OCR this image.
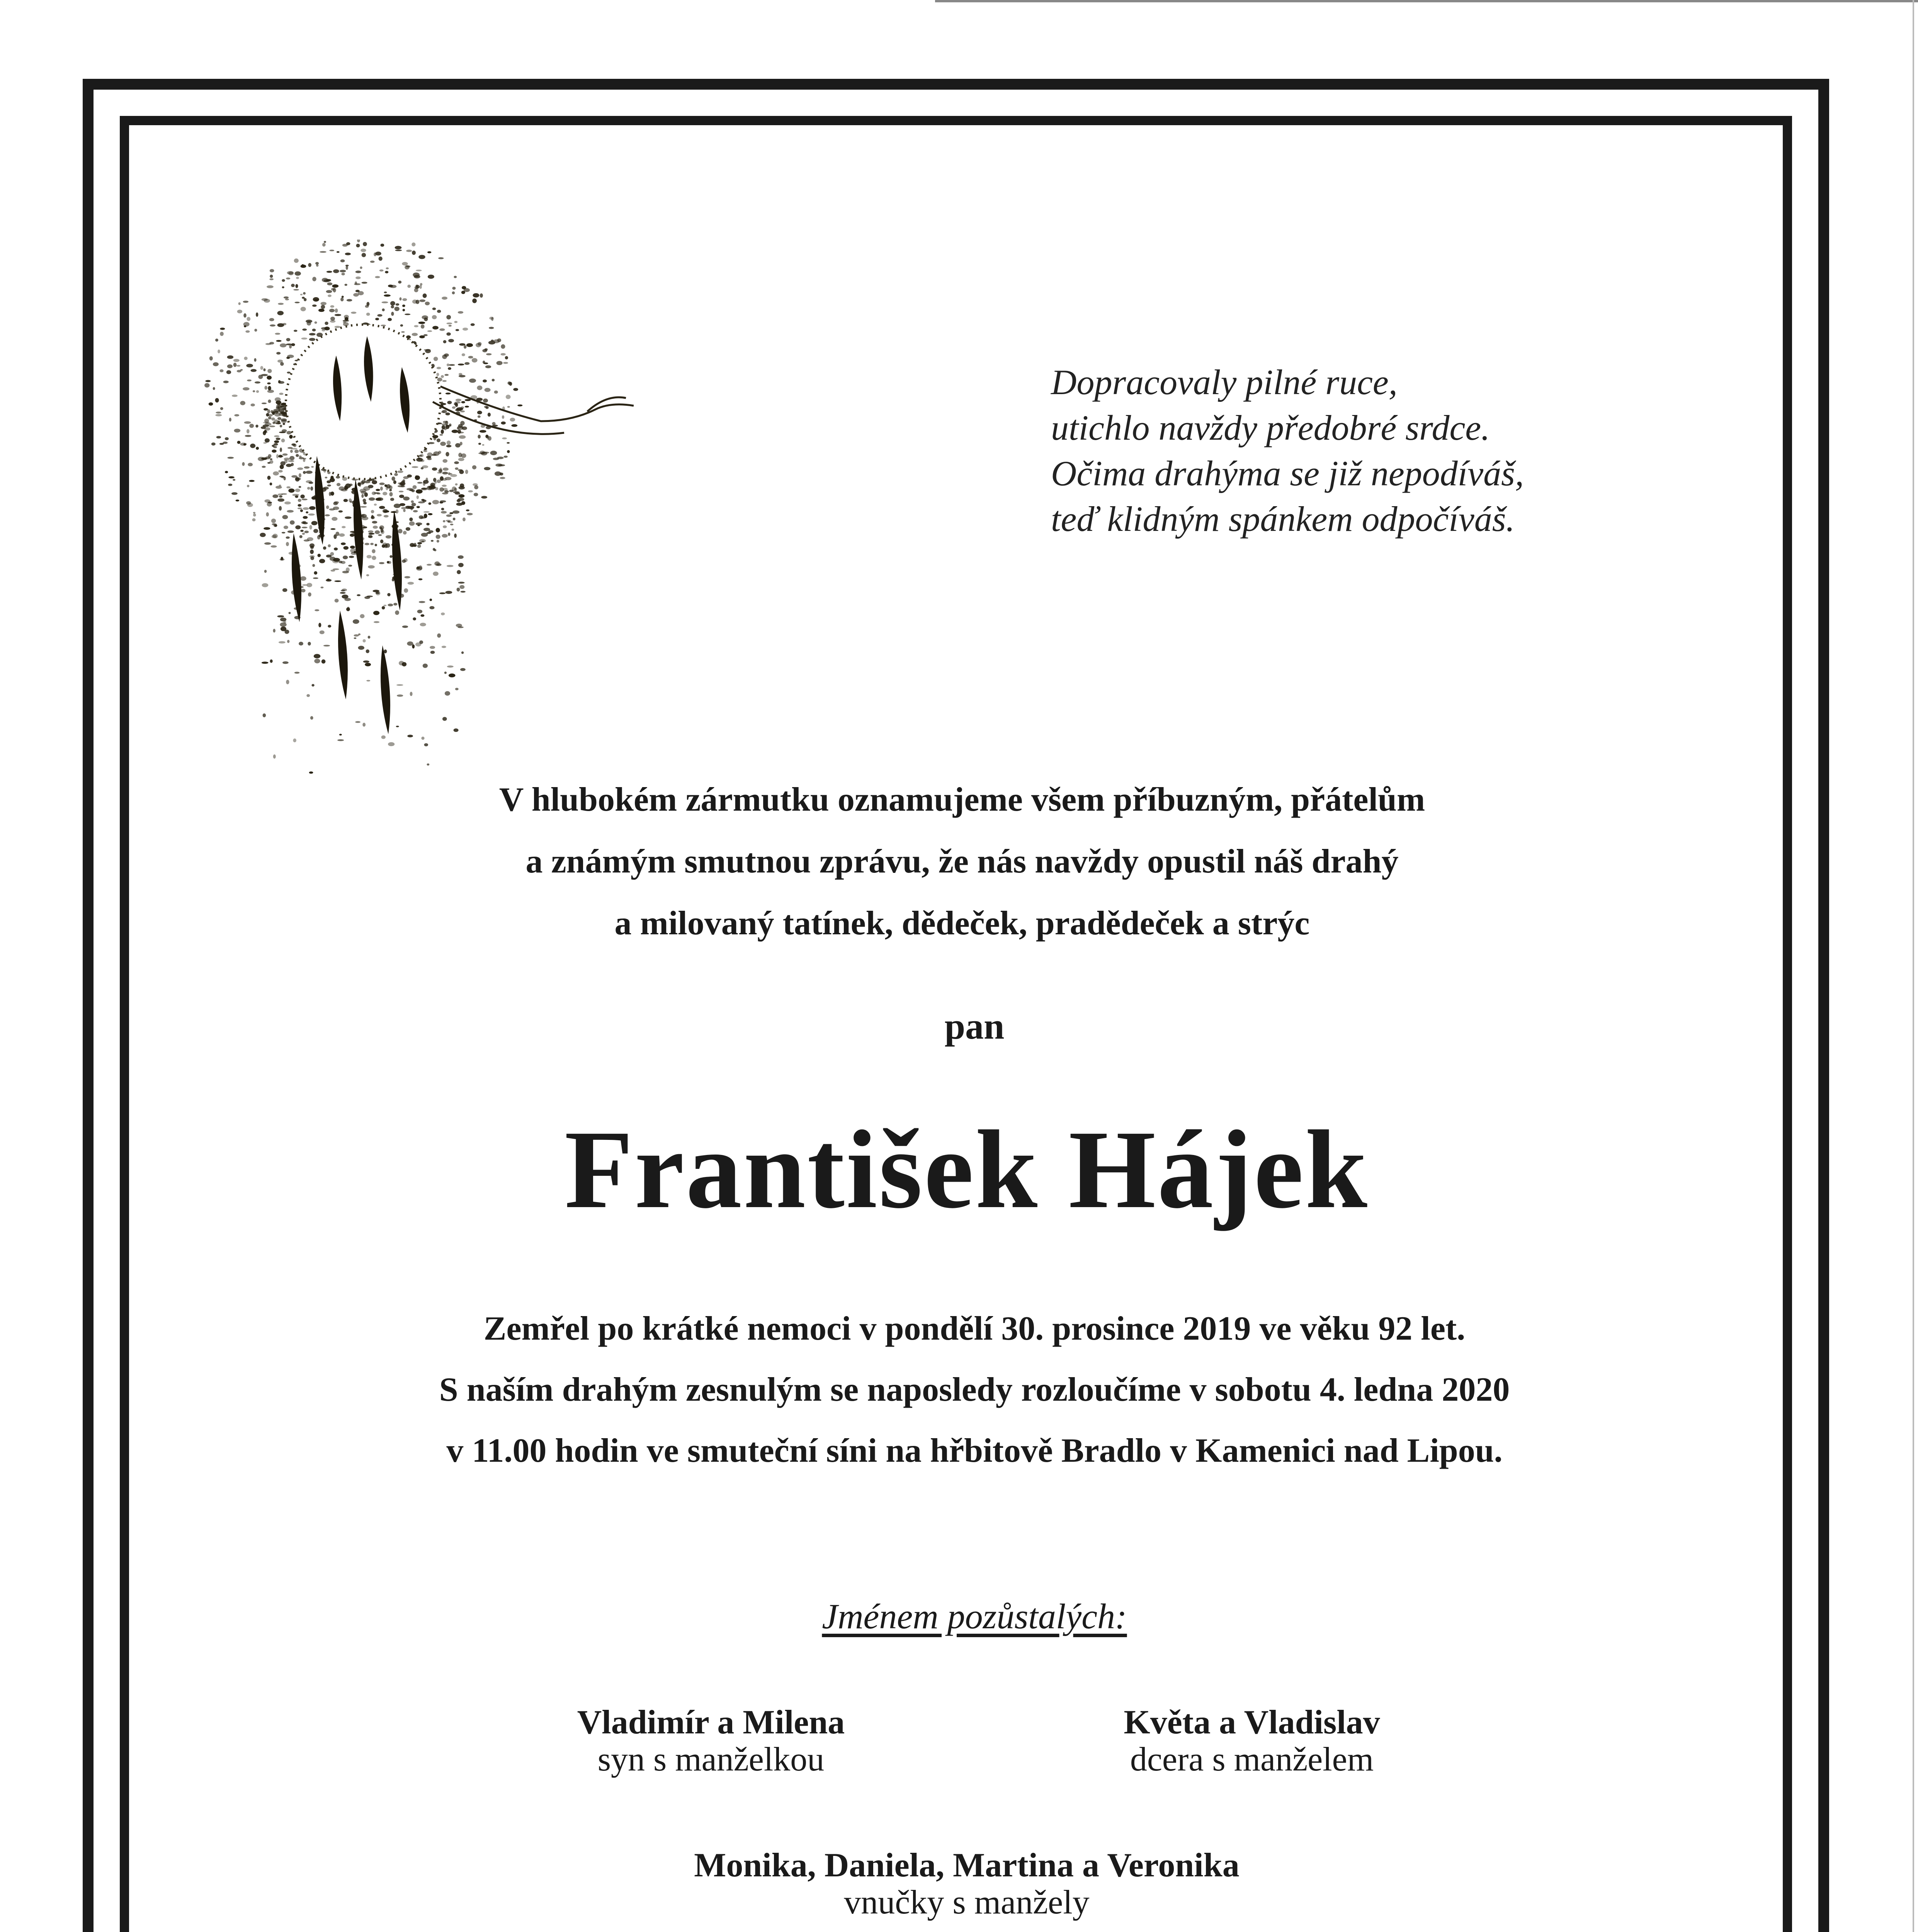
Dopracovaly pilné ruce,
utichlo navždy předobré srdce.
Očima drahýma se již nepodíváš,
teď klidným spánkem odpočíváš.
V hlubokém zármutku oznamujeme všem příbuzným, přátelům
a známým smutnou zprávu, že nás navždy opustil náš drahý
a milovaný tatínek, dědeček, pradědeček a strýc
pan
František Hájek
Zemřel po krátké nemoci v pondělí 30. prosince 2019 ve věku 92 let.
S naším drahým zesnulým se naposledy rozloučíme v sobotu 4. ledna 2020
v 11.00 hodin ve smuteční síni na hřbitově Bradlo v Kamenici nad Lipou.
Jménem pozůstalých:
Vladimír a Milena
syn s manželkou
Květa a Vladislav
dcera s manželem
Monika, Daniela, Martina a Veronika
vnučky s manžely
